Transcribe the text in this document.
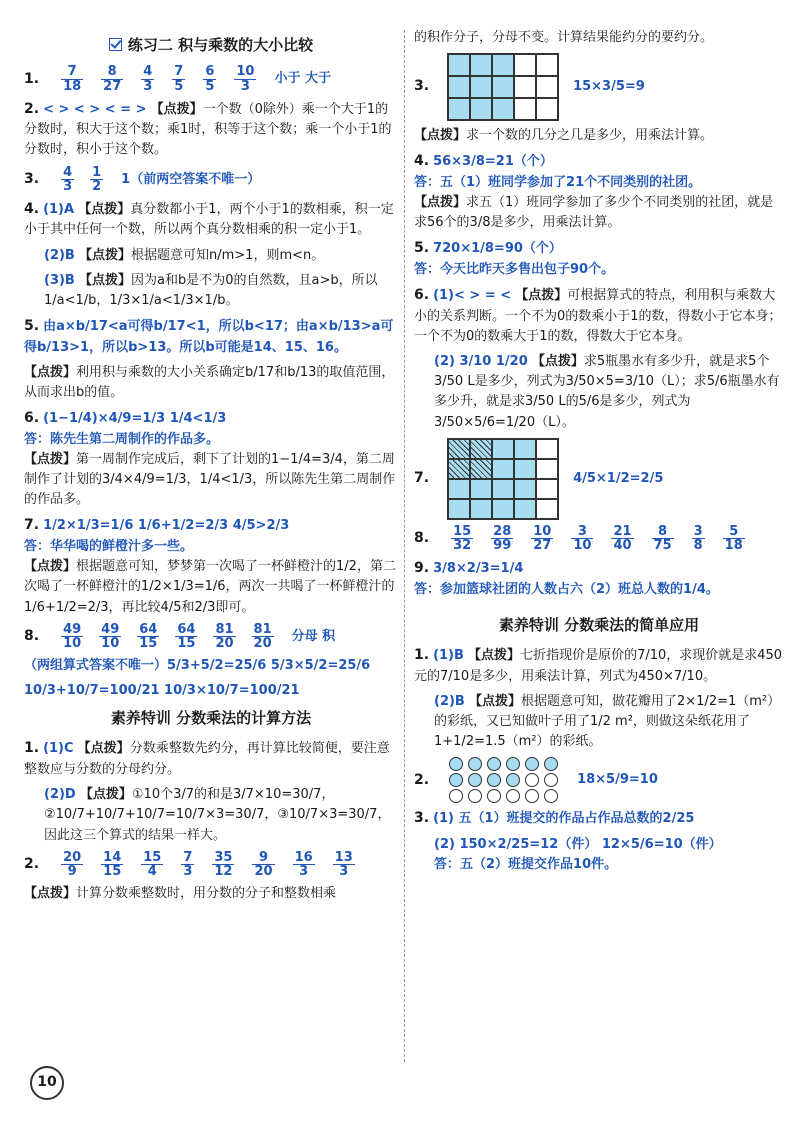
练习二 积与乘数的大小比较
1. $\frac{7}{18} \frac{8}{27} \frac{4}{3} \frac{7}{5} \frac{6}{5} \frac{10}{3}$ 小于 大于
2. < > < > < = > 【点拨】一个数（0除外）乘一个大于1的分数时，积大于这个数；乘1时，积等于这个数；乘一个小于1的分数时，积小于这个数。
3. $\frac{4}{3} \frac{1}{2} 1$（前两空答案不唯一）
4. (1)A 【点拨】真分数都小于1，两个小于1的数相乘，积一定小于其中任何一个数，所以两个真分数相乘的积一定小于1。
(2)B 【点拨】根据题意可知n/m>1，则m<n。
(3)B 【点拨】因为a和b是不为0的自然数，且a>b，所以1/a<1/b，1/3×1/a<1/3×1/b。
5. 由a×b/17<a可得b/17<1，所以b<17；由a×b/13>a可得b/13>1，所以b>13。所以b可能是14、15、16。
【点拨】利用积与乘数的大小关系确定b/17和b/13的取值范围，从而求出b的值。
6. (1−1/4)×4/9=1/3 1/4<1/3
答：陈先生第二周制作的作品多。
【点拨】第一周制作完成后，剩下了计划的1−1/4=3/4，第二周制作了计划的3/4×4/9=1/3，1/4<1/3，所以陈先生第二周制作的作品多。
7. 1/2×1/3=1/6 1/6+1/2=2/3 4/5>2/3
答：华华喝的鲜橙汁多一些。
【点拨】根据题意可知，梦梦第一次喝了一杯鲜橙汁的1/2，第二次喝了一杯鲜橙汁的1/2×1/3=1/6，两次一共喝了一杯鲜橙汁的1/6+1/2=2/3，再比较4/5和2/3即可。
8. $\frac{49}{10} \frac{49}{10} \frac{64}{15} \frac{64}{15} \frac{81}{20} \frac{81}{20}$ 分母 积
（两组算式答案不唯一）5/3+5/2=25/6 5/3×5/2=25/6
10/3+10/7=100/21 10/3×10/7=100/21
素养特训 分数乘法的计算方法
1. (1)C 【点拨】分数乘整数先约分，再计算比较简便，要注意整数应与分数的分母约分。
(2)D 【点拨】①10个3/7的和是3/7×10=30/7，②10/7+10/7+10/7=10/7×3=30/7，③10/7×3=30/7，因此这三个算式的结果一样大。
2. $\frac{20}{9} \frac{14}{15} \frac{15}{4} \frac{7}{3} \frac{35}{12} \frac{9}{20} \frac{16}{3} \frac{13}{3}$
【点拨】计算分数乘整数时，用分数的分子和整数相乘
的积作分子，分母不变。计算结果能约分的要约分。
3.	15×3/5=9
【点拨】求一个数的几分之几是多少，用乘法计算。
4. 56×3/8=21（个）
答：五（1）班同学参加了21个不同类别的社团。
【点拨】求五（1）班同学参加了多少个不同类别的社团，就是求56个的3/8是多少，用乘法计算。
5. 720×1/8=90（个）
答：今天比昨天多售出包子90个。
6. (1)< > = < 【点拨】可根据算式的特点，利用积与乘数大小的关系判断。一个不为0的数乘小于1的数，得数小于它本身；一个不为0的数乘大于1的数，得数大于它本身。
(2) 3/10 1/20 【点拨】求5瓶墨水有多少升，就是求5个3/50 L是多少，列式为3/50×5=3/10（L）；求5/6瓶墨水有多少升，就是求3/50 L的5/6是多少，列式为3/50×5/6=1/20（L）。
7.	4/5×1/2=2/5
8. $\frac{15}{32} \frac{28}{99} \frac{10}{27} \frac{3}{10} \frac{21}{40} \frac{8}{75} \frac{3}{8} \frac{5}{18}$
9. 3/8×2/3=1/4
答：参加篮球社团的人数占六（2）班总人数的1/4。
素养特训 分数乘法的简单应用
1. (1)B 【点拨】七折指现价是原价的7/10，求现价就是求450元的7/10是多少，用乘法计算，列式为450×7/10。
(2)B 【点拨】根据题意可知，做花瓣用了2×1/2=1（m²）的彩纸，又已知做叶子用了1/2 m²，则做这朵纸花用了1+1/2=1.5（m²）的彩纸。
2.	18×5/9=10
3. (1) 五（1）班提交的作品占作品总数的2/25
(2) 150×2/25=12（件） 12×5/6=10（件）
答：五（2）班提交作品10件。
10
